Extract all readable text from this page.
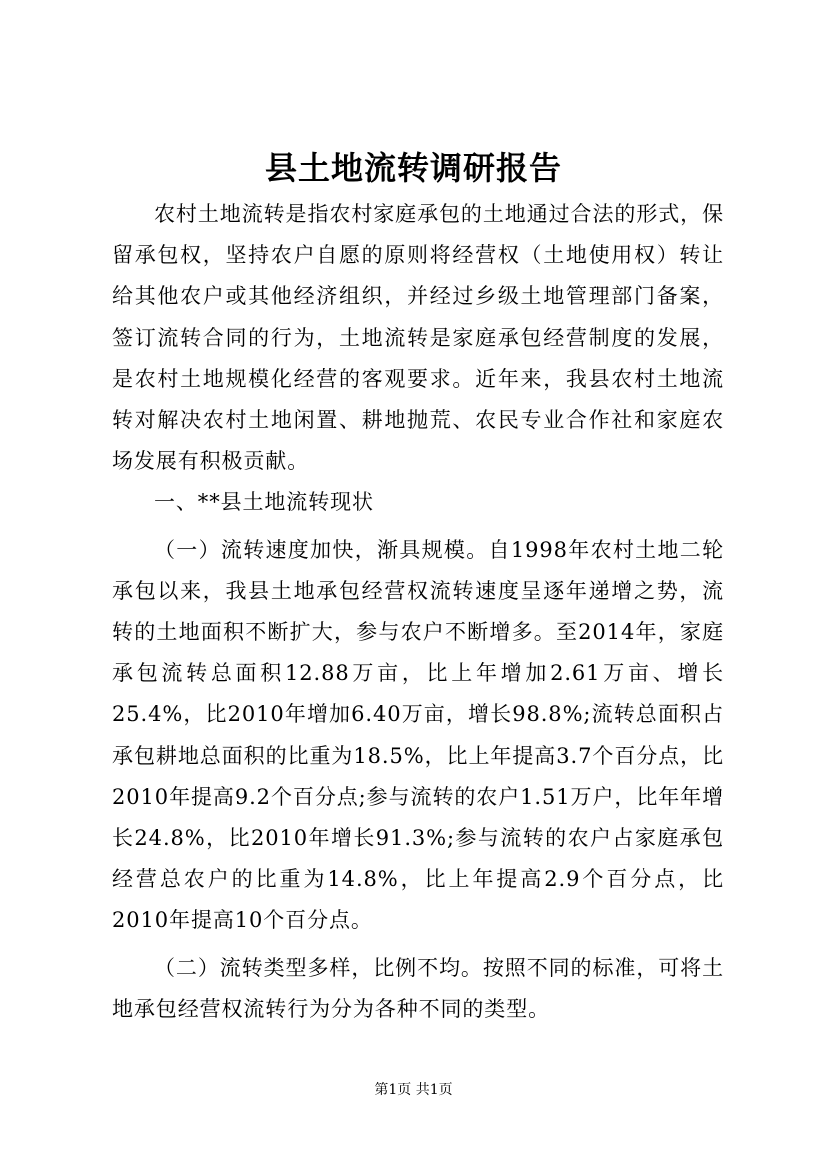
县土地流转调研报告

农村土地流转是指农村家庭承包的土地通过合法的形式，保留承包权，坚持农户自愿的原则将经营权（土地使用权）转让给其他农户或其他经济组织，并经过乡级土地管理部门备案，签订流转合同的行为，土地流转是家庭承包经营制度的发展，是农村土地规模化经营的客观要求。近年来，我县农村土地流转对解决农村土地闲置、耕地抛荒、农民专业合作社和家庭农场发展有积极贡献。

一、**县土地流转现状

（一）流转速度加快，渐具规模。自1998年农村土地二轮承包以来，我县土地承包经营权流转速度呈逐年递增之势，流转的土地面积不断扩大，参与农户不断增多。至2014年，家庭承包流转总面积12.88万亩，比上年增加2.61万亩、增长25.4%，比2010年增加6.40万亩，增长98.8%;流转总面积占承包耕地总面积的比重为18.5%，比上年提高3.7个百分点，比2010年提高9.2个百分点;参与流转的农户1.51万户，比年年增长24.8%，比2010年增长91.3%;参与流转的农户占家庭承包经营总农户的比重为14.8%，比上年提高2.9个百分点，比2010年提高10个百分点。

（二）流转类型多样，比例不均。按照不同的标准，可将土地承包经营权流转行为分为各种不同的类型。

第1页 共1页
